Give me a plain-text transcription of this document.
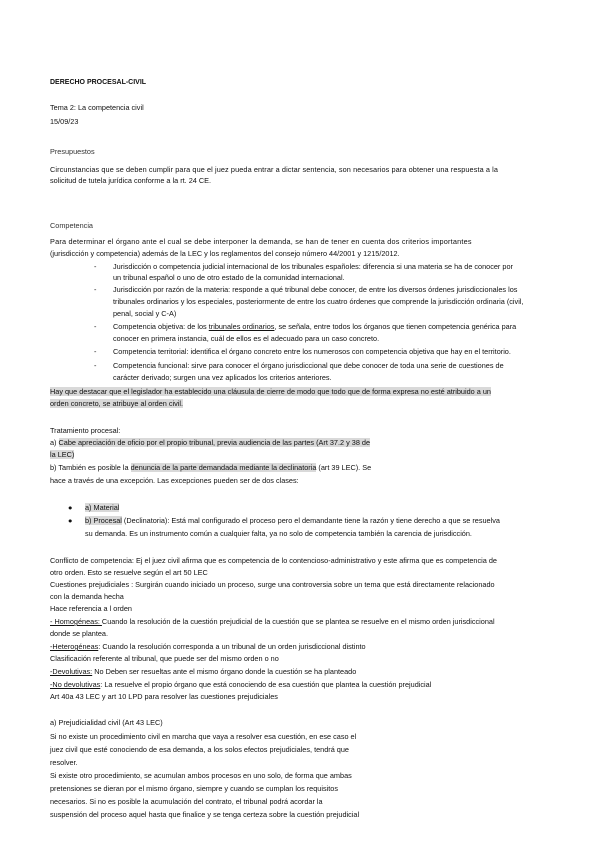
DERECHO PROCESAL-CIVIL
Tema 2: La competencia civil
15/09/23
Presupuestos
Circunstancias que se deben cumplir para que el juez pueda entrar a dictar sentencia, son necesarios para obtener una respuesta a la
solicitud de tutela jurídica conforme a la rt. 24 CE.
Competencia
Para determinar el órgano ante el cual se debe interponer la demanda, se han de tener en cuenta dos criterios importantes
(jurisdicción y competencia) además de la LEC y los reglamentos del consejo número 44/2001 y 1215/2012.
- Jurisdicción o competencia judicial internacional de los tribunales españoles: diferencia si una materia se ha de conocer por
un tribunal español o uno de otro estado de la comunidad internacional.
- Jurisdicción por razón de la materia: responde a qué tribunal debe conocer, de entre los diversos órdenes jurisdiccionales los
tribunales ordinarios y los especiales, posteriormente de entre los cuatro órdenes que comprende la jurisdicción ordinaria (civil,
penal, social y C-A)
- Competencia objetiva: de los tribunales ordinarios, se señala, entre todos los órganos que tienen competencia genérica para
conocer en primera instancia, cuál de ellos es el adecuado para un caso concreto.
- Competencia territorial: identifica el órgano concreto entre los numerosos con competencia objetiva que hay en el territorio.
- Competencia funcional: sirve para conocer el órgano jurisdiccional que debe conocer de toda una serie de cuestiones de
carácter derivado; surgen una vez aplicados los criterios anteriores.
Hay que destacar que el legislador ha establecido una cláusula de cierre de modo que todo que de forma expresa no esté atribuido a un
orden concreto, se atribuye al orden civil.
Tratamiento procesal:
a) Cabe apreciación de oficio por el propio tribunal, previa audiencia de las partes (Art 37.2 y 38 de
la LEC)
b) También es posible la denuncia de la parte demandada mediante la declinatoria (art 39 LEC). Se
hace a través de una excepción. Las excepciones pueden ser de dos clases:
● a) Material
● b) Procesal (Declinatoria): Está mal configurado el proceso pero el demandante tiene la razón y tiene derecho a que se resuelva
su demanda. Es un instrumento común a cualquier falta, ya no solo de competencia también la carencia de jurisdicción.
Conflicto de competencia: Ej el juez civil afirma que es competencia de lo contencioso-administrativo y este afirma que es competencia de
otro orden. Esto se resuelve según el art 50 LEC
Cuestiones prejudiciales : Surgirán cuando iniciado un proceso, surge una controversia sobre un tema que está directamente relacionado
con la demanda hecha
Hace referencia a l orden
- Homogéneas: Cuando la resolución de la cuestión prejudicial de la cuestión que se plantea se resuelve en el mismo orden jurisdiccional
donde se plantea.
-Heterogéneas: Cuando la resolución corresponda a un tribunal de un orden jurisdiccional distinto
Clasificación referente al tribunal, que puede ser del mismo orden o no
-Devolutivas: No Deben ser resueltas ante el mismo órgano donde la cuestión se ha planteado
-No devolutivas: La resuelve el propio órgano que está conociendo de esa cuestión que plantea la cuestión prejudicial
Art 40a 43 LEC y art 10 LPD para resolver las cuestiones prejudiciales
a) Prejudicialidad civil (Art 43 LEC)
Si no existe un procedimiento civil en marcha que vaya a resolver esa cuestión, en ese caso el
juez civil que esté conociendo de esa demanda, a los solos efectos prejudiciales, tendrá que
resolver.
Si existe otro procedimiento, se acumulan ambos procesos en uno solo, de forma que ambas
pretensiones se dieran por el mismo órgano, siempre y cuando se cumplan los requisitos
necesarios. Si no es posible la acumulación del contrato, el tribunal podrá acordar la
suspensión del proceso aquel hasta que finalice y se tenga certeza sobre la cuestión prejudicial
